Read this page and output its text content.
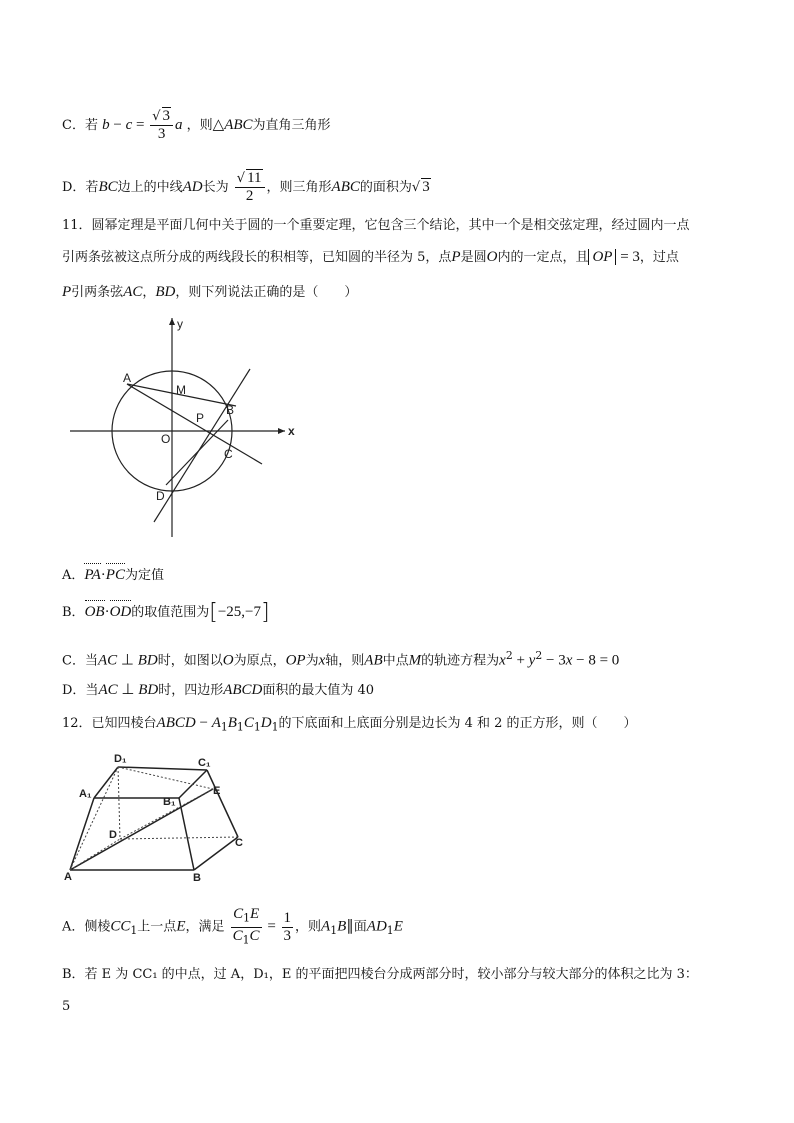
C．若 $b - c = \frac{√ 3}{3}$ a ，则△ABC为直角三角形
D．若BC边上的中线AD长为 $\frac{√ 11}{2}$ ，则三角形ABC的面积为√ 3
11．圆幂定理是平面几何中关于圆的一个重要定理，它包含三个结论，其中一个是相交弦定理，经过圆内一点
引两条弦被这点所分成的两线段长的积相等，已知圆的半径为 5，点P是圆O内的一定点，且 OP = 3，过点
P引两条弦AC，BD，则下列说法正确的是（　　）
y
x
A
M
B
P
O
C
D
A．PA·PC为定值
B．OB·OD的取值范围为[−25,−7]
C．当AC ⊥ BD时，如图以O为原点，OP为x轴，则AB中点M的轨迹方程为$x^2 + y^2 - 3x - 8 = 0$
D．当AC ⊥ BD时，四边形ABCD面积的最大值为 40
12．已知四棱台ABCD − $A_1B_1C_1D_1$的下底面和上底面分别是边长为 4 和 2 的正方形，则（　　）
D₁	C₁
A₁
B₁
E
D
C
A	B
A．侧棱$CC_1$上一点E，满足 $\frac{C_1E}{C_1C} = \frac{1}{3}$ ，则$A_1B\parallel$面$AD_1E$
B．若 E 为 CC₁ 的中点，过 A，D₁，E 的平面把四棱台分成两部分时，较小部分与较大部分的体积之比为 3：
5
